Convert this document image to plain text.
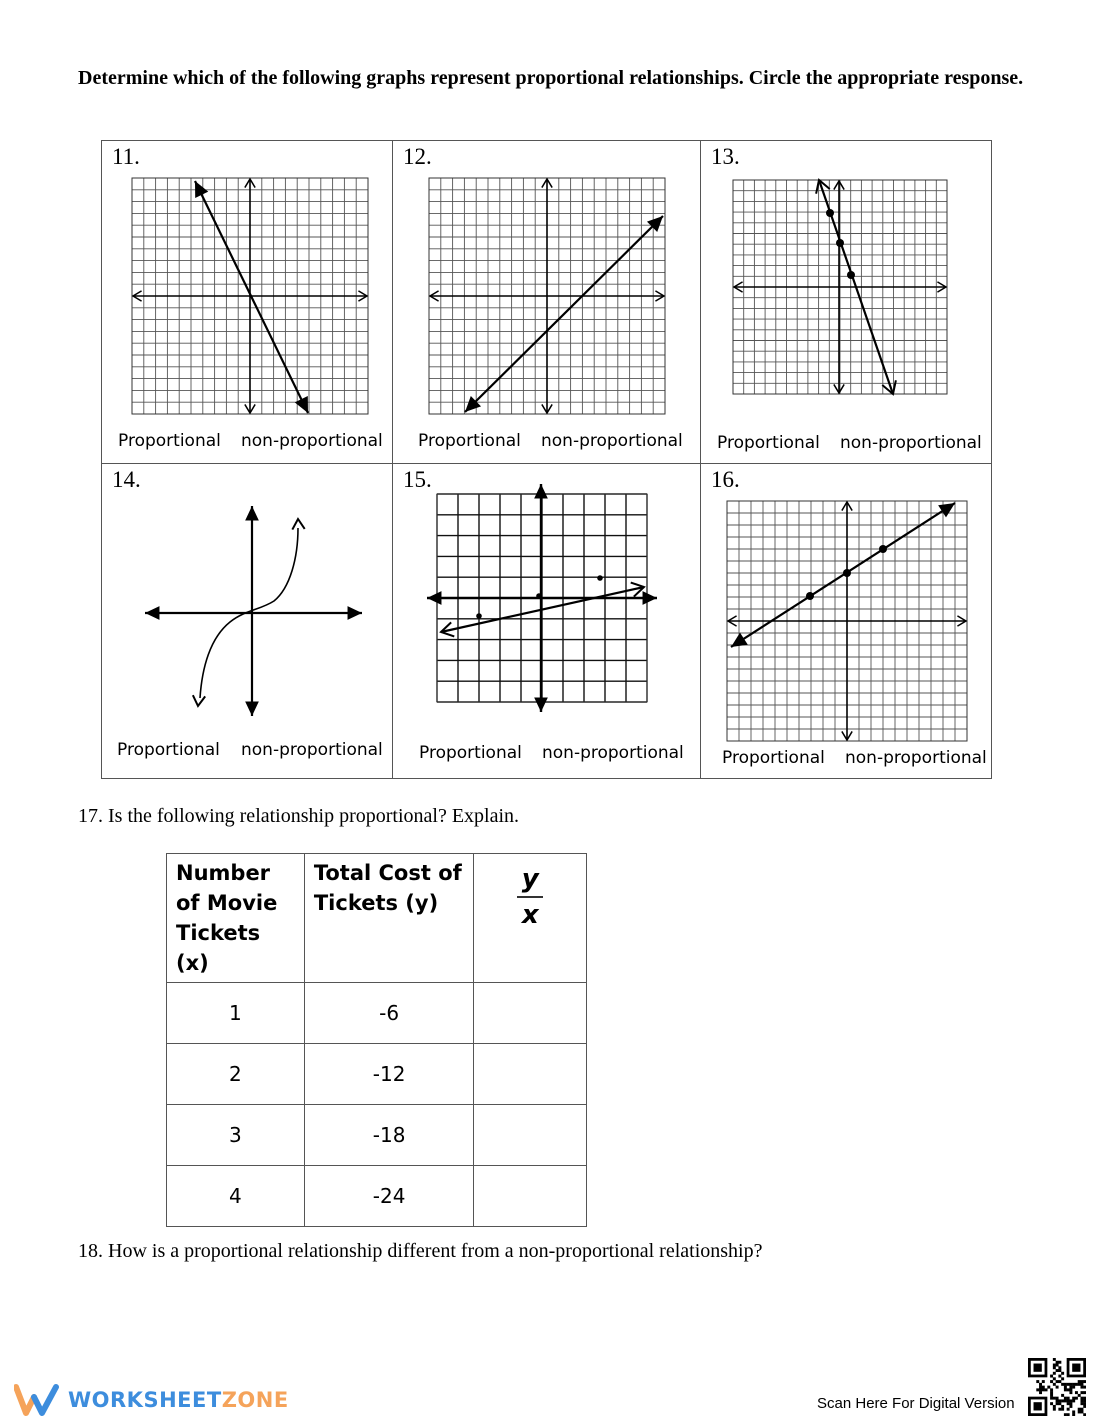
Determine which of the following graphs represent proportional relationships. Circle the appropriate response.
11.
Proportional non-proportional
12.
Proportional non-proportional
13.
Proportional non-proportional
14.
Proportional non-proportional
15.
Proportional non-proportional
16.
Proportional non-proportional
17. Is the following relationship proportional? Explain.
Number of Movie Tickets (x)	Total Cost of Tickets (y)	y
x

1	-6	
2	-12	
3	-18	
4	-24	
18. How is a proportional relationship different from a non-proportional relationship?
WORKSHEETZONE	Scan Here For Digital Version
